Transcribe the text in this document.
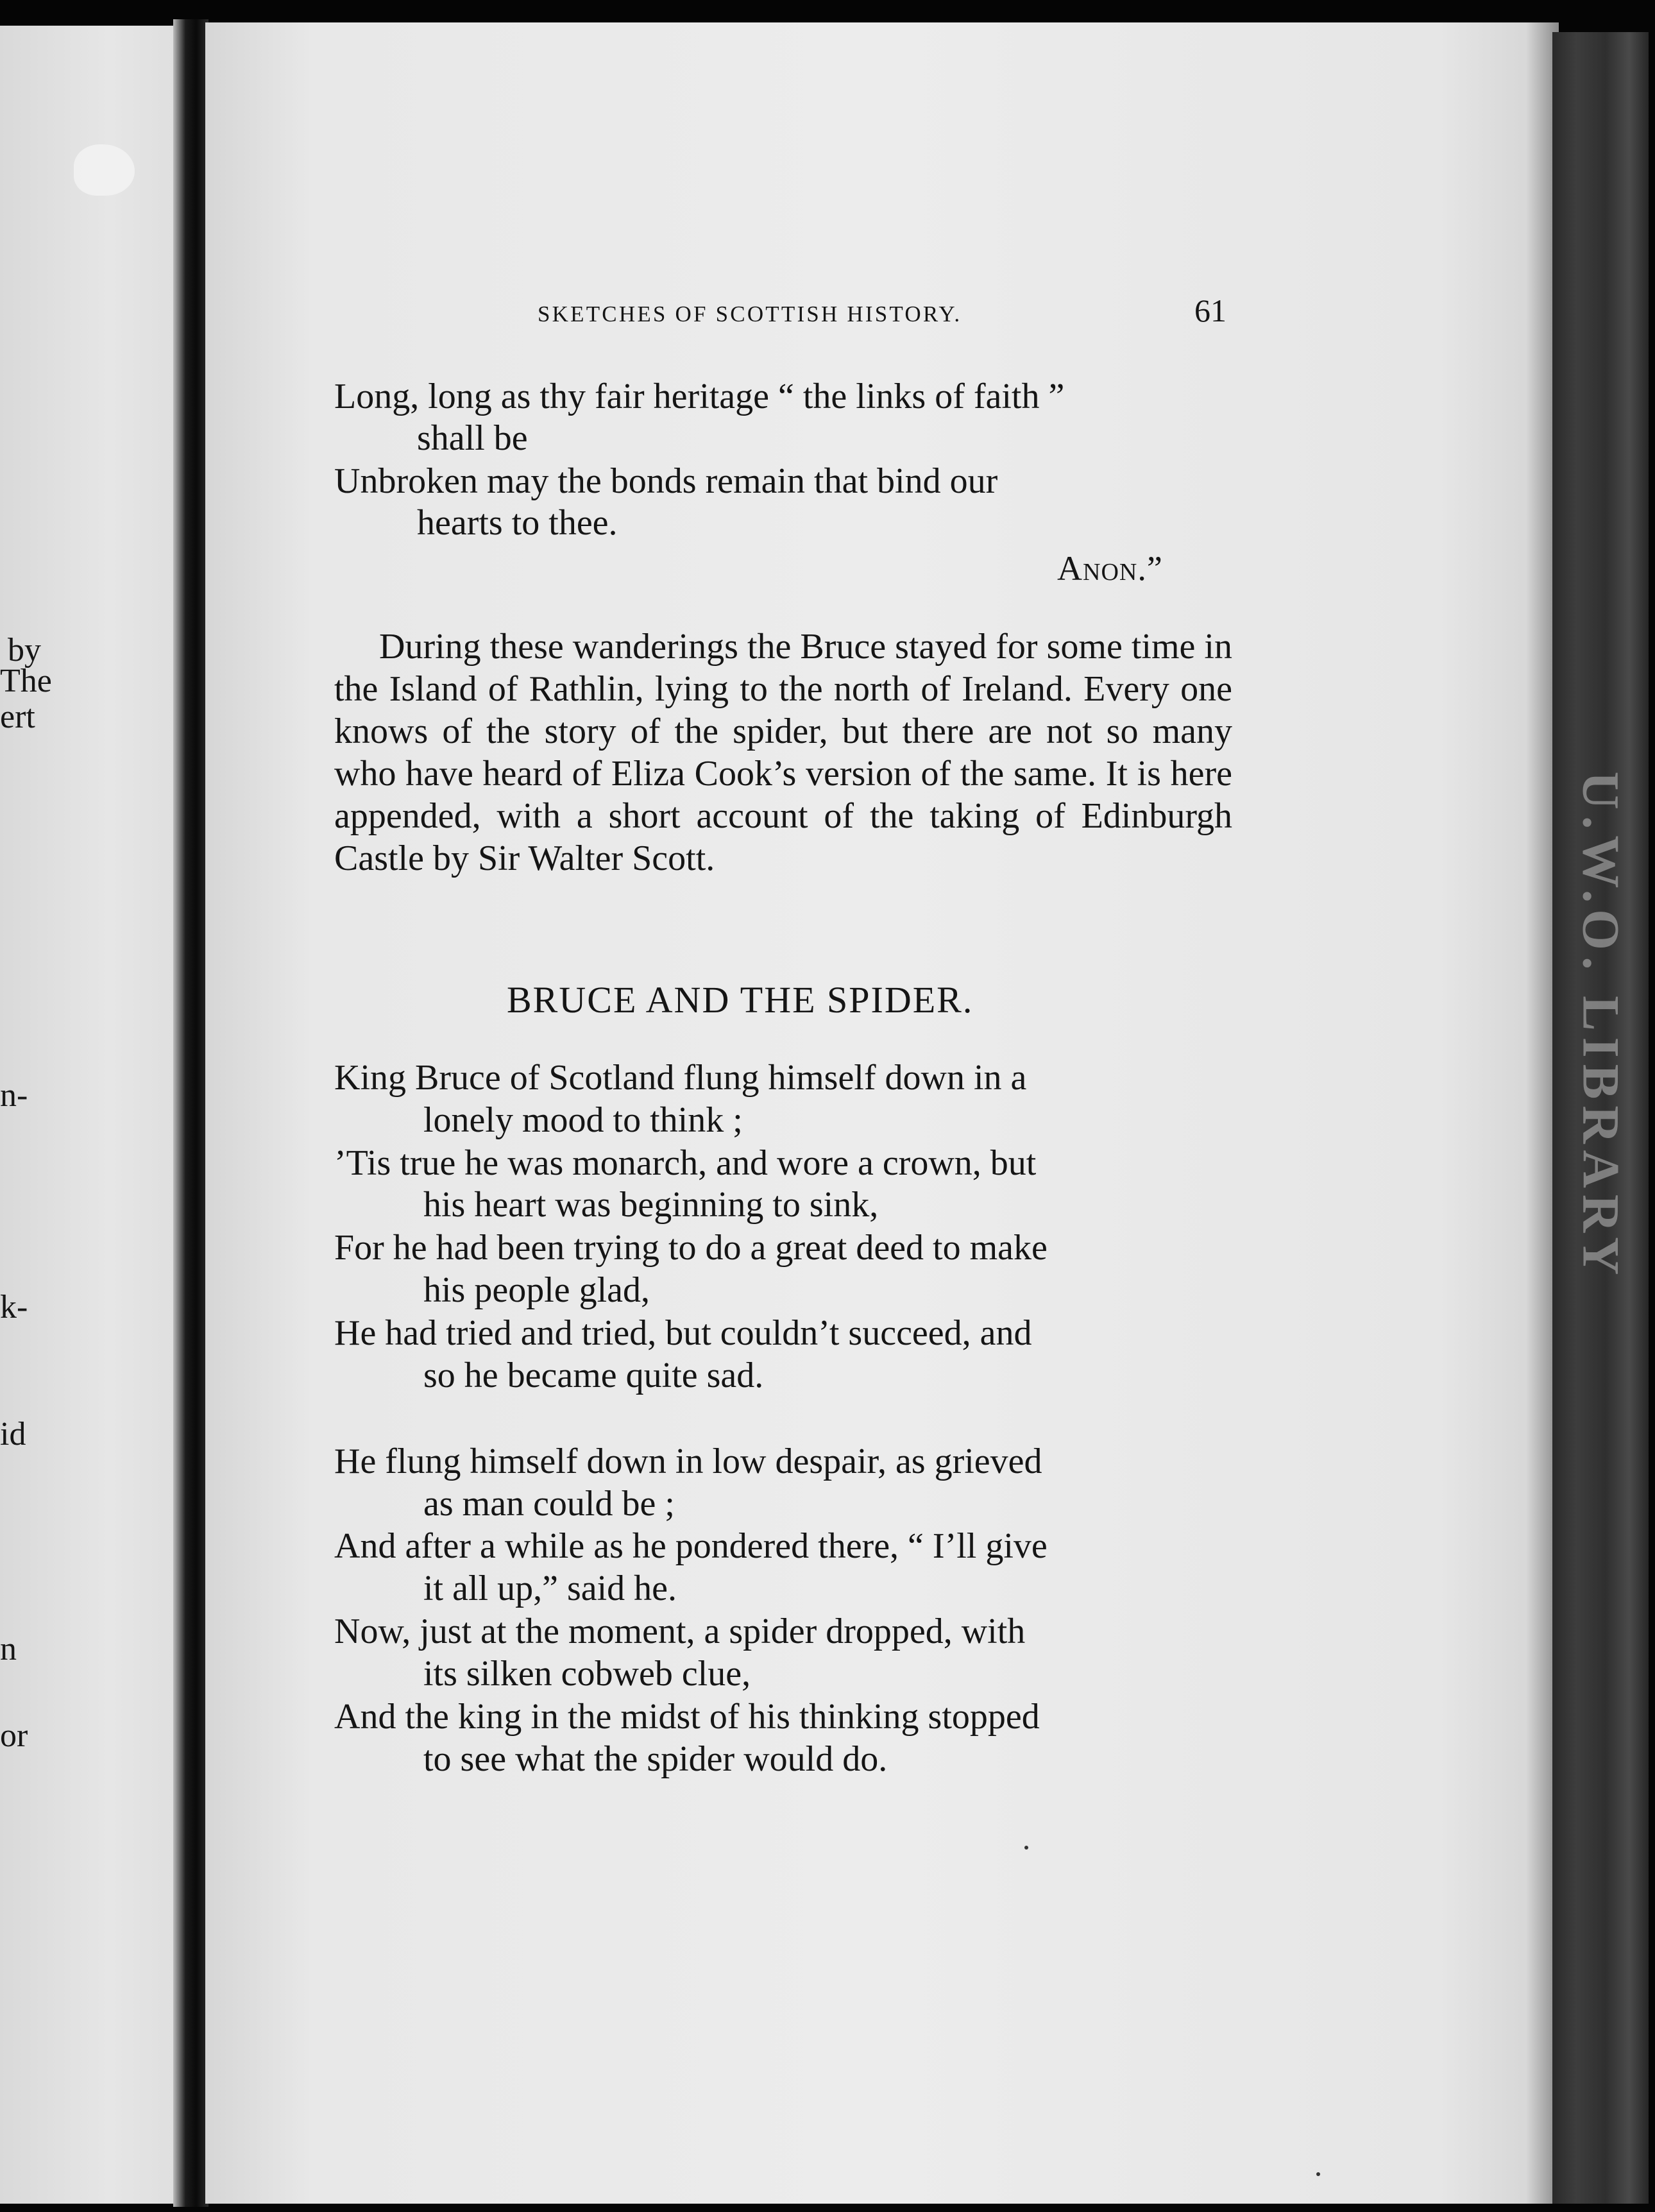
by
The
ert
n-
k-
id
n
or
U.W.O. LIBRARY
SKETCHES OF SCOTTISH HISTORY.	61
Long, long as thy fair heritage “ the links of faith ”
shall be
Unbroken may the bonds remain that bind our
hearts to thee.
Anon.”
During these wanderings the Bruce stayed for some time in the Island of Rathlin, lying to the north of Ireland. Every one knows of the story of the spider, but there are not so many who have heard of Eliza Cook’s version of the same. It is here appended, with a short account of the taking of Edinburgh Castle by Sir Walter Scott.
BRUCE AND THE SPIDER.
King Bruce of Scotland flung himself down in a
lonely mood to think ;
’Tis true he was monarch, and wore a crown, but
his heart was beginning to sink,
For he had been trying to do a great deed to make
his people glad,
He had tried and tried, but couldn’t succeed, and
so he became quite sad.
He flung himself down in low despair, as grieved
as man could be ;
And after a while as he pondered there, “ I’ll give
it all up,” said he.
Now, just at the moment, a spider dropped, with
its silken cobweb clue,
And the king in the midst of his thinking stopped
to see what the spider would do.
